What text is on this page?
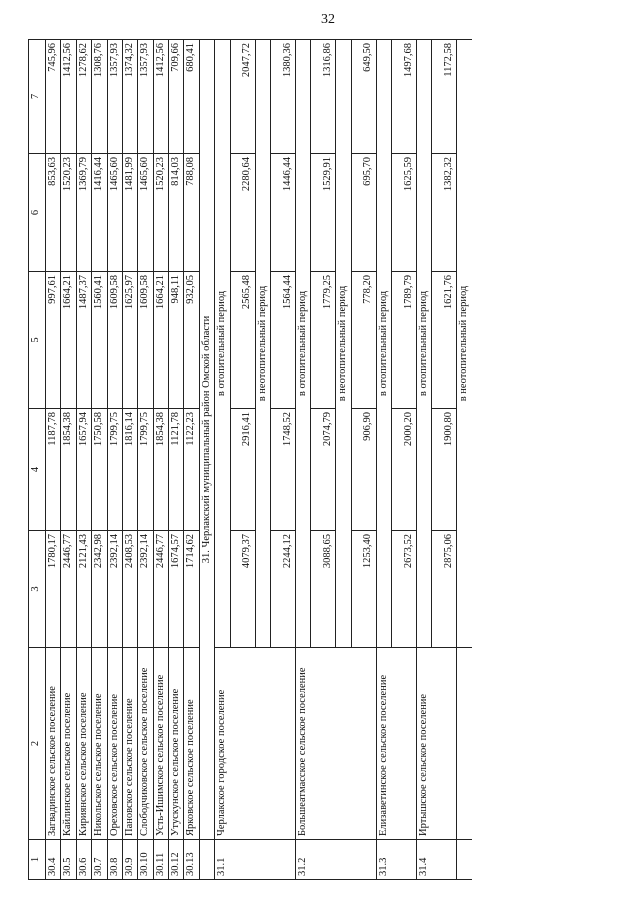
32
1	2	3	4	5	6	7
30.4	Загвадинское сельское поселение	1780,17	1187,78	997,61	853,63	745,96
30.5	Кайлинское сельское поселение	2446,77	1854,38	1664,21	1520,23	1412,56
30.6	Кириянское сельское поселение	2121,43	1657,94	1487,37	1369,79	1278,62
30.7	Никольское сельское поселение	2342,98	1750,58	1560,41	1416,44	1308,76
30.8	Ореховское сельское поселение	2392,14	1799,75	1609,58	1465,60	1357,93
30.9	Пановское сельское поселение	2408,53	1816,14	1625,97	1481,99	1374,32
30.10	Слободчиковское сельское поселение	2392,14	1799,75	1609,58	1465,60	1357,93
30.11	Усть-Ишимское сельское поселение	2446,77	1854,38	1664,21	1520,23	1412,56
30.12	Утускунское сельское поселение	1674,57	1121,78	948,11	814,03	709,66
30.13	Ярковское сельское поселение	1714,62	1122,23	932,05	788,08	680,41
	31. Черлакский муниципальный район Омской области					
31.1	Черлакское городское поселение	в отопительный период				
		4079,37	2916,41	2565,48	2280,64	2047,72
		в неотопительный период				
		2244,12	1748,52	1564,44	1446,44	1380,36
31.2	Большеатмасское сельское поселение	в отопительный период				
		3088,65	2074,79	1779,25	1529,91	1316,86
		в неотопительный период				
		1253,40	906,90	778,20	695,70	649,50
31.3	Елизаветинское сельское поселение	в отопительный период				
		2673,52	2000,20	1789,79	1625,59	1497,68
31.4	Иртышское сельское поселение	в отопительный период				
		2875,06	1900,80	1621,76	1382,32	1172,58
		в неотопительный период				
